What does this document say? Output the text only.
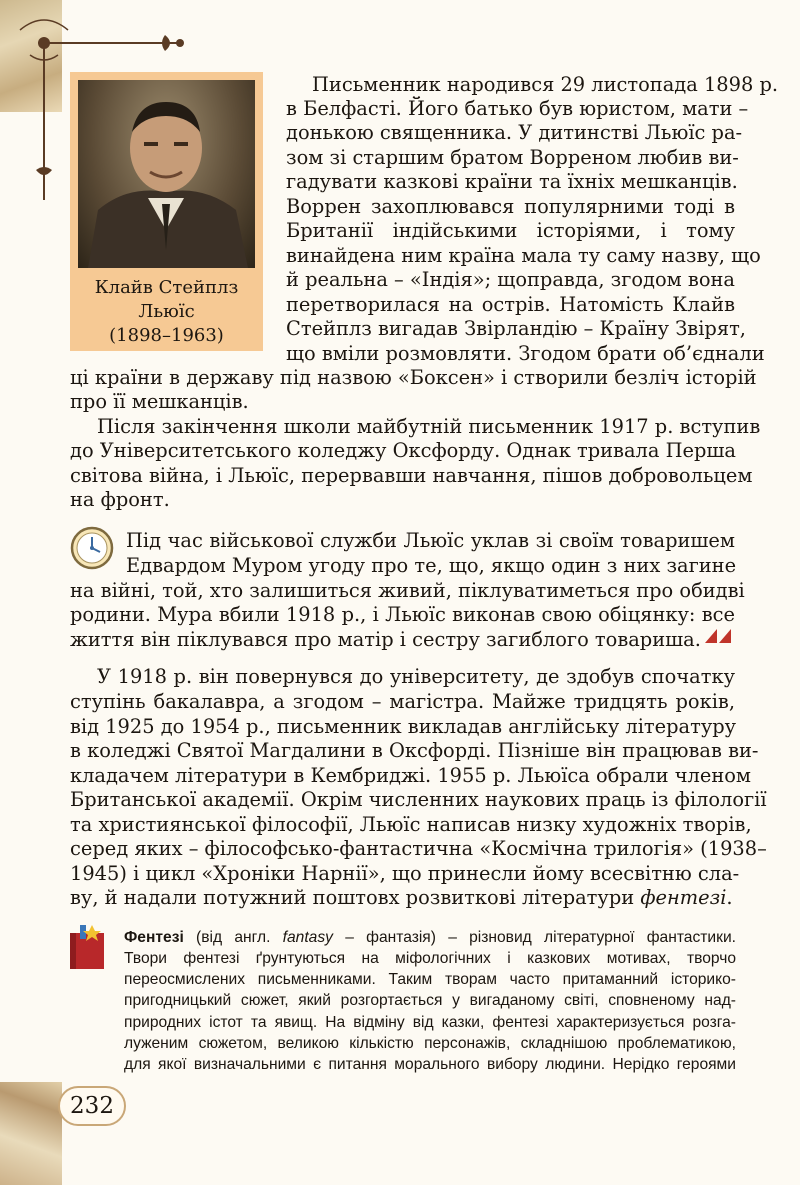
Клайв Стейплз
Льюїс
(1898–1963)
Письменник народився 29 листопада 1898 р.
в Белфасті. Його батько був юристом, мати –
донькою священника. У дитинстві Льюїс ра-
зом зі старшим братом Ворреном любив ви-
гадувати казкові країни та їхніх мешканців.
Воррен захоплювався популярними тоді в
Британії індійськими історіями, і тому
винайдена ним країна мала ту саму назву, що
й реальна – «Індія»; щоправда, згодом вона
перетворилася на острів. Натомість Клайв
Стейплз вигадав Звірландію – Країну Звірят,
що вміли розмовляти. Згодом брати об’єднали
ці країни в державу під назвою «Боксен» і створили безліч історій
про її мешканців.
Після закінчення школи майбутній письменник 1917 р. вступив
до Університетського коледжу Оксфорду. Однак тривала Перша
світова війна, і Льюїс, перервавши навчання, пішов добровольцем
на фронт.
Під час військової служби Льюїс уклав зі своїм товаришем
Едвардом Муром угоду про те, що, якщо один з них загине
на війні, той, хто залишиться живий, піклуватиметься про обидві
родини. Мура вбили 1918 р., і Льюїс виконав свою обіцянку: все
життя він піклувався про матір і сестру загиблого товариша.
У 1918 р. він повернувся до університету, де здобув спочатку
ступінь бакалавра, а згодом – магістра. Майже тридцять років,
від 1925 до 1954 р., письменник викладав англійську літературу
в коледжі Святої Магдалини в Оксфорді. Пізніше він працював ви-
кладачем літератури в Кембриджі. 1955 р. Льюїса обрали членом
Британської академії. Окрім численних наукових праць із філології
та християнської філософії, Льюїс написав низку художніх творів,
серед яких – філософсько-фантастична «Космічна трилогія» (1938–
1945) і цикл «Хроніки Нарнії», що принесли йому всесвітню сла-
ву, й надали потужний поштовх розвиткові літератури фентезі.
Фентезі (від англ. fantasy – фантазія) – різновид літературної фантастики.
Твори фентезі ґрунтуються на міфологічних і казкових мотивах, творчо
переосмислених письменниками. Таким творам часто притаманний історико-
пригодницький сюжет, який розгортається у вигаданому світі, сповненому над-
природних істот та явищ. На відміну від казки, фентезі характеризується розга-
луженим сюжетом, великою кількістю персонажів, складнішою проблематикою,
для якої визначальними є питання морального вибору людини. Нерідко героями
232
